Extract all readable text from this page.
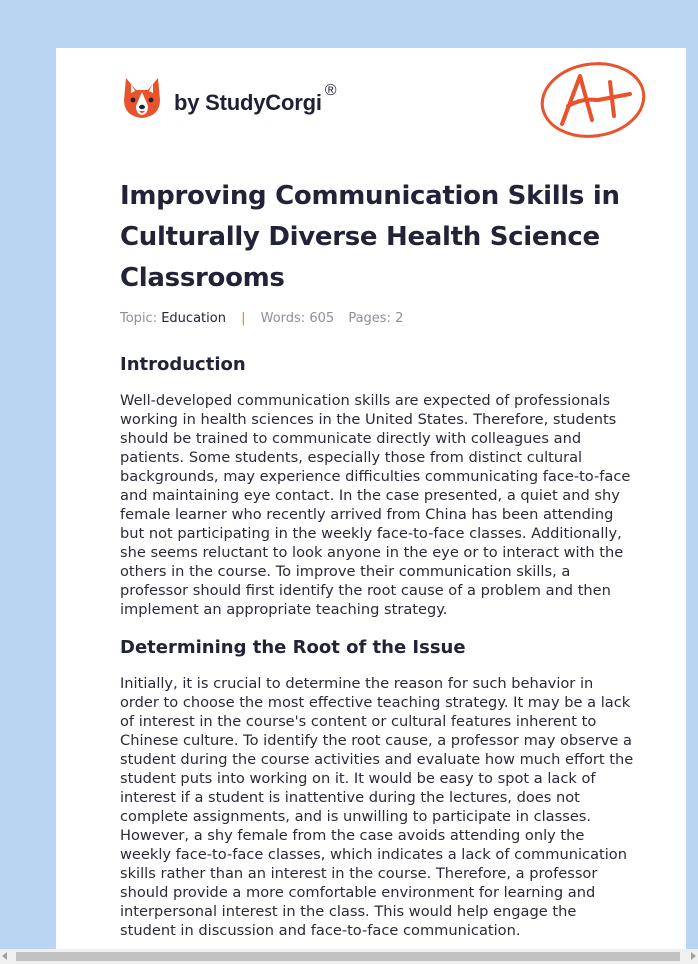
by StudyCorgi ®
Improving Communication Skills in Culturally Diverse Health Science Classrooms
Topic: Education | Words: 605 Pages: 2
Introduction

Well-developed communication skills are expected of professionals working in health sciences in the United States. Therefore, students should be trained to communicate directly with colleagues and patients. Some students, especially those from distinct cultural backgrounds, may experience difficulties communicating face-to-face and maintaining eye contact. In the case presented, a quiet and shy female learner who recently arrived from China has been attending but not participating in the weekly face-to-face classes. Additionally, she seems reluctant to look anyone in the eye or to interact with the others in the course. To improve their communication skills, a professor should first identify the root cause of a problem and then implement an appropriate teaching strategy.

Determining the Root of the Issue

Initially, it is crucial to determine the reason for such behavior in order to choose the most effective teaching strategy. It may be a lack of interest in the course's content or cultural features inherent to Chinese culture. To identify the root cause, a professor may observe a student during the course activities and evaluate how much effort the student puts into working on it. It would be easy to spot a lack of interest if a student is inattentive during the lectures, does not complete assignments, and is unwilling to participate in classes. However, a shy female from the case avoids attending only the weekly face-to-face classes, which indicates a lack of communication skills rather than an interest in the course. Therefore, a professor should provide a more comfortable environment for learning and interpersonal interest in the class. This would help engage the student in discussion and face-to-face communication.
